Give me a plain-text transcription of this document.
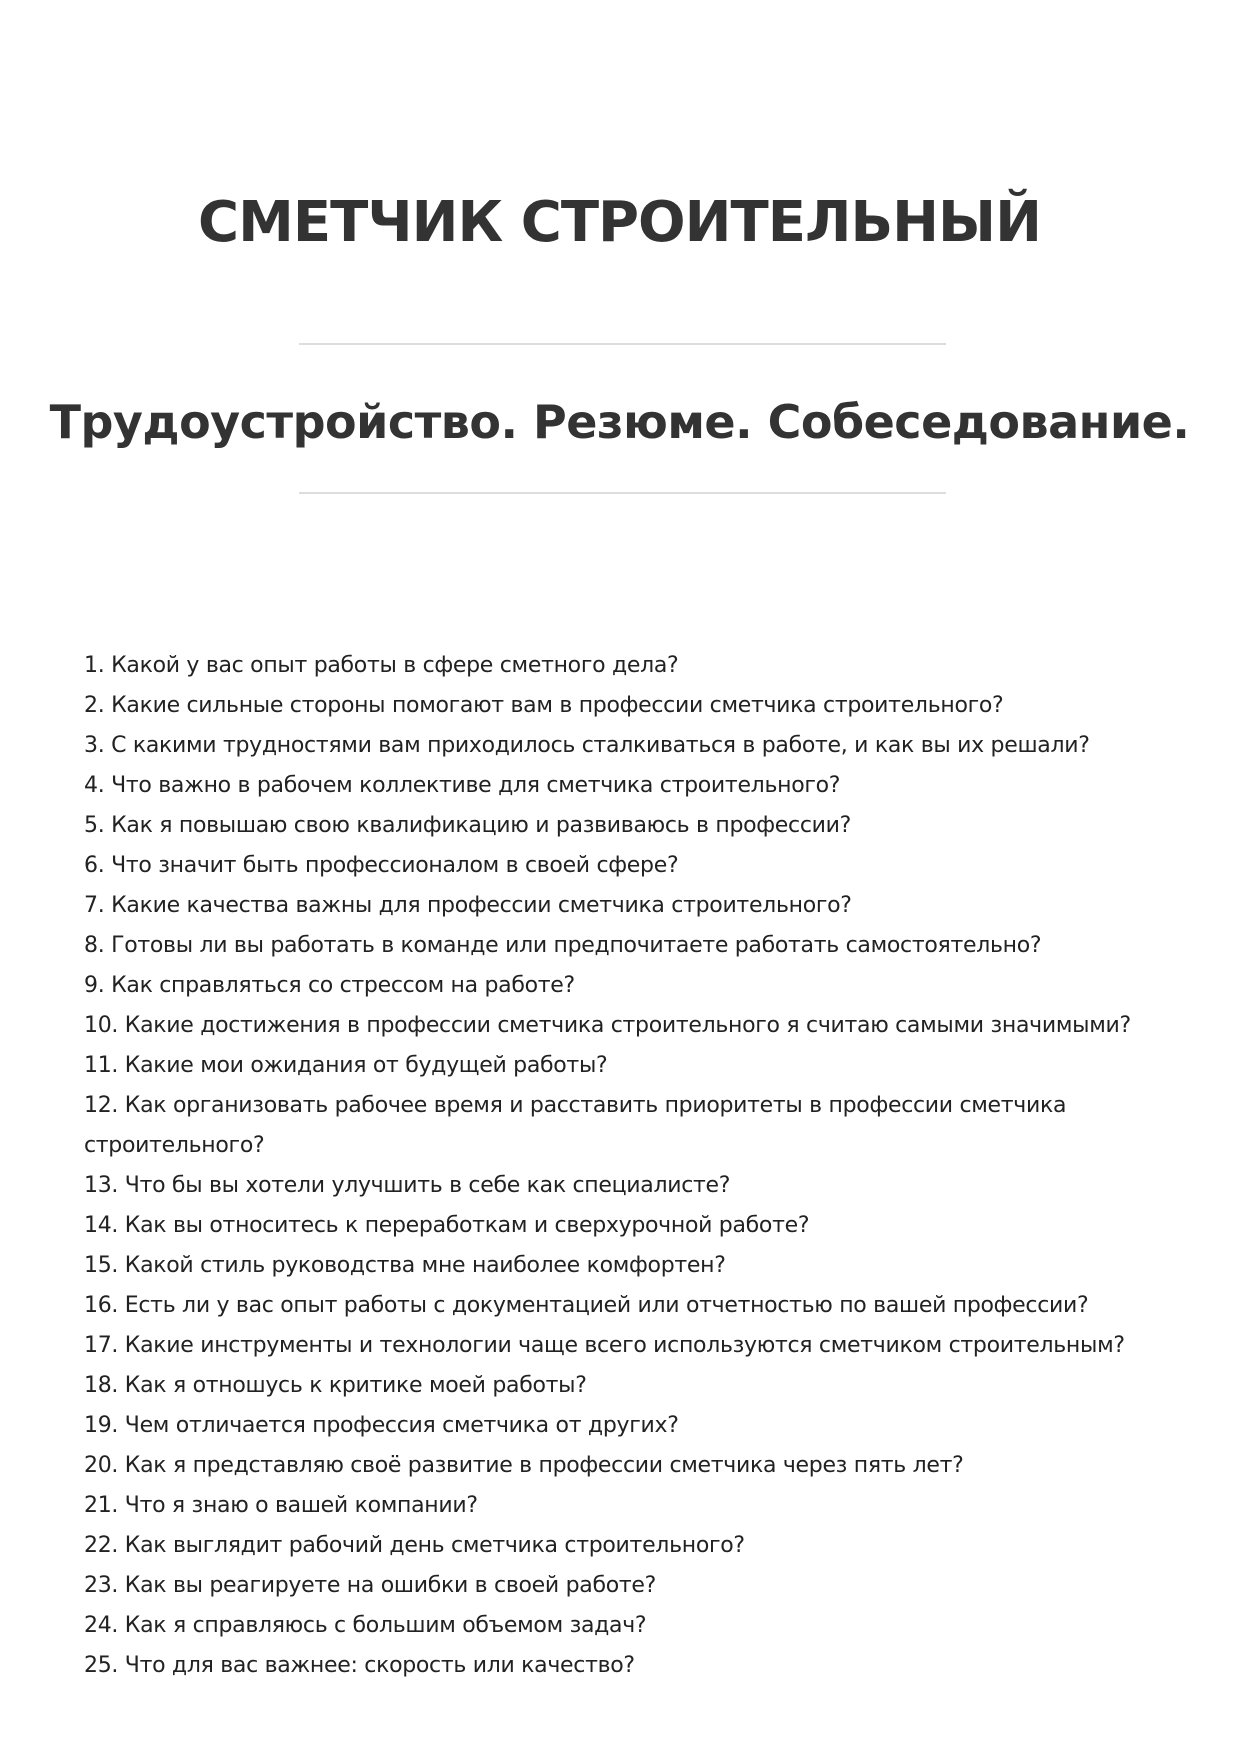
СМЕТЧИК СТРОИТЕЛЬНЫЙ
Трудоустройство. Резюме. Собеседование.
1. Какой у вас опыт работы в сфере сметного дела?
2. Какие сильные стороны помогают вам в профессии сметчика строительного?
3. С какими трудностями вам приходилось сталкиваться в работе, и как вы их решали?
4. Что важно в рабочем коллективе для сметчика строительного?
5. Как я повышаю свою квалификацию и развиваюсь в профессии?
6. Что значит быть профессионалом в своей сфере?
7. Какие качества важны для профессии сметчика строительного?
8. Готовы ли вы работать в команде или предпочитаете работать самостоятельно?
9. Как справляться со стрессом на работе?
10. Какие достижения в профессии сметчика строительного я считаю самыми значимыми?
11. Какие мои ожидания от будущей работы?
12. Как организовать рабочее время и расставить приоритеты в профессии сметчика строительного?
13. Что бы вы хотели улучшить в себе как специалисте?
14. Как вы относитесь к переработкам и сверхурочной работе?
15. Какой стиль руководства мне наиболее комфортен?
16. Есть ли у вас опыт работы с документацией или отчетностью по вашей профессии?
17. Какие инструменты и технологии чаще всего используются сметчиком строительным?
18. Как я отношусь к критике моей работы?
19. Чем отличается профессия сметчика от других?
20. Как я представляю своё развитие в профессии сметчика через пять лет?
21. Что я знаю о вашей компании?
22. Как выглядит рабочий день сметчика строительного?
23. Как вы реагируете на ошибки в своей работе?
24. Как я справляюсь с большим объемом задач?
25. Что для вас важнее: скорость или качество?
